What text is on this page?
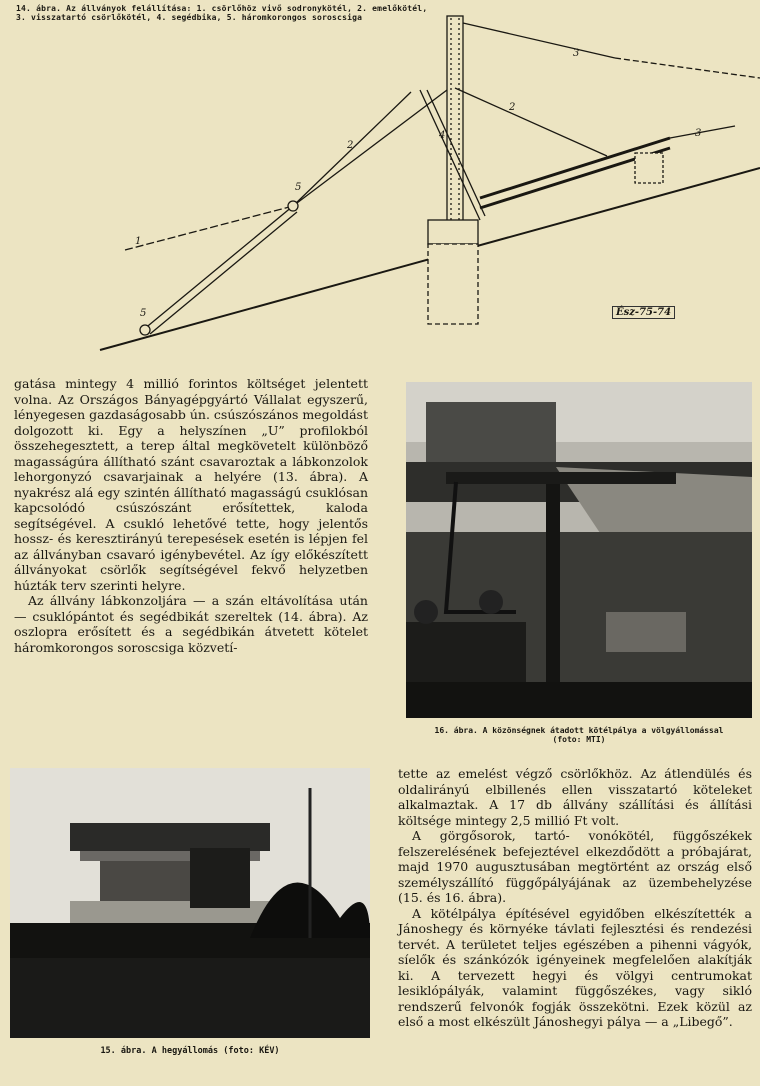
14. ábra. Az állványok felállítása: 1. csörlőhöz vivő sodronykötél, 2. emelőkötél,
3. visszatartó csörlőkötél, 4. segédbika, 5. háromkorongos soroscsiga
1
2
2
3
3
4
5
5	Ész-75-74

gatása mintegy 4 millió forintos költséget jelentett volna. Az Országos Bányagépgyártó Vállalat egyszerű, lényegesen gazdaságosabb ún. csúszószános megoldást dolgozott ki. Egy a helyszínen „U” profilokból összehegesztett, a terep által megkövetelt különböző magasságúra állítható szánt csavaroztak a lábkonzolok lehorgonyzó csavarjainak a helyére (13. ábra). A nyakrész alá egy szintén állítható magasságú csuklósan kapcsolódó csúszószánt erősítettek, kaloda segítségével. A csukló lehetővé tette, hogy jelentős hossz- és keresztirányú terepesések esetén is lépjen fel az állványban csavaró igénybevétel. Az így előkészített állványokat csörlők segítségével fekvő helyzetben húzták terv szerinti helyre.

Az állvány lábkonzoljára — a szán eltávolítása után — csuklópántot és segédbikát szereltek (14. ábra). Az oszlopra erősített és a segédbikán átvetett kötelet háromkorongos soroscsiga közvetí-

16. ábra. A közönségnek átadott kötélpálya a völgyállomással
(foto: MTI)

tette az emelést végző csörlőkhöz. Az átlendülés és oldalirányú elbillenés ellen visszatartó köteleket alkalmaztak. A 17 db állvány szállítási és állítási költsége mintegy 2,5 millió Ft volt.

A görgősorok, tartó- vonókötél, függőszékek felszerelésének befejeztével elkezdődött a próbajárat, majd 1970 augusztusában megtörtént az ország első személyszállító függőpályájának az üzembehelyzése (15. és 16. ábra).

A kötélpálya építésével egyidőben elkészítették a Jánoshegy és környéke távlati fejlesztési és rendezési tervét. A területet teljes egészében a pihenni vágyók, síelők és szánkózók igényeinek megfelelően alakítják ki. A tervezett hegyi és völgyi centrumokat lesiklópályák, valamint függőszékes, vagy sikló rendszerű felvonók fogják összekötni. Ezek közül az első a most elkészült Jánoshegyi pálya — a „Libegő”.

15. ábra. A hegyállomás (foto: KÉV)
